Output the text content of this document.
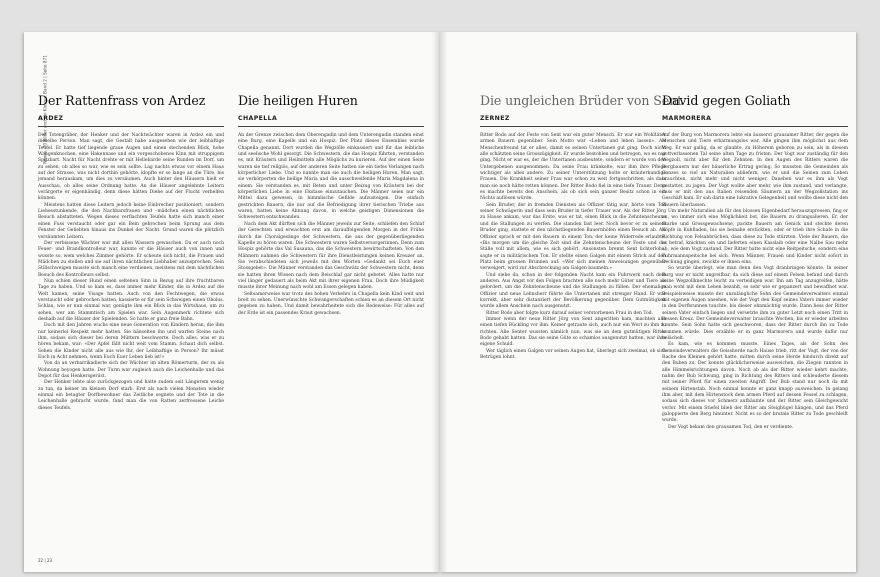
Nexus, 70 Bilder und ein Kloster: Band 2 | Seite 871
Der Rattenfrass von Ardez
ARDEZ

Der Totengräber, der Henker und der Nachtwächter waren in Ardez ein und dieselbe Person. Man sagt, die Gestalt habe ausgesehen wie der leibhaftige Teufel. Er hatte tief liegende graue Augen und einen stechenden Blick, hohe Wangenknochen, eine Hakennase und ein vorgeschobenes Kinn mit struppigem Spitzbart. Nacht für Nacht drehte er mit Hellebarde seine Runden im Dorf, um zu sehen, ob alles so war, wie es sein sollte. Lag nachts etwas vor einem Haus auf der Strasse, was nicht dorthin gehörte, klopfte er so lange an die Türe, bis jemand herauskam, um dies zu versäumen. Auch hinter den Häusern hielt er Ausschau, ob alles seine Ordnung hatte. An die Häuser angelehnte Leitern verärgerte er eigenhändig, denn diese hätten Diebe auf der Flucht verhelfen können.

Meistens hatten diese Leitern jedoch keine Einbrecher positioniert, sondern Liebesstunkende, die den Nachbarsfrauen und –mädchen einen nächtlichen Besuch abstatteten. Wegen dieses verflachten Teufels hatte sich manch einer einen Fuss verstaucht oder gar ein Bein gebrochen beim Sprung aus dem Fenster der Geliebten hinaus ins Dunkel der Nacht. Grund waren die plötzlich versäumten Leitern.

Der verbissene Wächter war mit allen Wassern gewaschen. Da er auch noch Feuer- und Brandkontrolleur war, kannte er die Häuser auch von innen und wusste so, wem welches Zimmer gehörte. Er scheute sich nicht, die Frauen und Mädchen zu stellen und sie auf ihren nächtlichen Liebhaber anzusprechen. Sein Stillschweigen musste sich manch eine verdienen, meistens mit dem nächtlichen Besuch des Kontrolleurs selbst.

Nun schien dieser Hund einen seltenen Sinn in Bezug auf ihre fruchtbaren Tage zu haben. Und so kam es, dass immer mehr Kinder, die in Ardez auf die Welt kamen, seine Visage hatten. Auch von den Fechtwegen, die etwas verstaucht oder gebrochen hatten, kassierte er für sein Schweigen einen Obolus. Schlau, wie er nun einmal war, genügte ihm ein Blick in das Wirtshaus, um zu sehen, wer am Stammtisch am Spielen war. Sein Augenmerk richtete sich deshalb auf die Häuser der Spielenden. So hatte er ganz freie Bahn.

Doch mit den Jahren wuchs eine neue Generation von Kindern heran, die ihm nur keinerlei Respekt mehr hatten. Sie hänselten ihn und warfen Steine nach ihm, sodass sich dieser bei deren Müttern beschwerte. Doch alles, was er zu hören bekam, war: «Der Apfel fällt nicht weit vom Stamm. Schaut dich selbst. Sehen die Kinder nicht alle aus wie Ihr, der Leibhaftige in Person? Ihr müsst Euch in Acht nehmen, wenn Euch Euer Leben lieb ist!»

Von da an verbarrikadierte sich der Wächter im alten Römerturm, der zu als Wohnung beyogen hatte. Der Turm war zugleich auch die Leichenhalle und das Depot für das Henkersgerüst.

Der Henker lebte also zurückgezogen und hatte zudem seit Längerem wenig zu tun, da keiner im kleinen Dorf starb. Erst als nach vielen Monaten wieder einmal ein betagter Dorfbewohner das Zeitliche segnete und der Tote in die Leichenhalle gebracht wurde, fand man die von Ratten zerfressene Leiche dieses Teufels.

Die heiligen Huren
CHAPELLA

An der Grenze zwischen dem Oberengadin und dem Unterengadin standen einst eine Burg, eine Kapelle und ein Hospiz. Der Platz dieses Ensembles wurde Chapella genannt. Dort wurden die Wegzölle einkassiert und für das leibliche und seelische Wohl gesorgt. Die Schwestern, die das Hospiz führten, verstanden es, mit Kräutern und Heilmitteln alle Möglichs zu kurieren. Auf der einen Seite waren sie tief religiös, auf der anderen Seite hatten sie ein tiefes Verlangen nach körperlicher Liebe. Und so nannte man sie auch die heiligen Huren. Man sagt, sie verkörperten die heilige Maria und die ausschweifende Maria Magdalena in einem. Sie verstanden es, mit Beten und unter Beizug von Kräutern bei der körperlichen Liebe in eine Ekstase einzutauchen. Die Männer seien nur ein Mittel dazu gewesen, in himmlische Gefilde aufzusteigen. Die einfach gestrickten Bauern, die nur auf die Befriedigung ihrer tierischen Triebe aus waren, hatten keine Ahnung davon, in welche geistigen Dimensionen die Schwestern entschwanden.

Nach dem Akt dürften sich die Männer jeweils zur Seite, schliefen den Schlaf der Gerechten und erwachten erst am darauffolgenden Morgen in der Frühe durch die Choralgesänge der Schwestern, die aus der gegenüberliegenden Kapelle zu hören waren. Die Schwestern waren Selbstversorgerinnen. Denn zum Hospiz gehörte das Val Susauna, das die Schwestern bewirtschafteten. Von den Männern nahmen die Schwestern für ihre Dienstleistungen keinen Kreuzer an. Sie verabschiedeten sich jeweils mit den Worten «Gedankt sei Euch euer Stossgebet». Die Männer verstanden das Geschwätz der Schwestern nicht, denn sie hatten ihren Wissen nach dem Beischlaf gar nicht gebetet. Alles hatte nur viel länger gedauert als beim Akt mit ihrer eigenen Frau. Doch ihre Müdigkeit musste ihrer Meinung nach wohl am Essen gelegen haben.

Seltsamerweise war trotz des hohen Verkehrs in Chapella kein Kind weit und breit zu sehen. Unerwünschte Schwangerschaften schien es an diesem Ort nicht gegeben zu haben. Und damit bewahrheitete sich die Redeweise: Für alles auf der Erde ist ein passendes Kraut gewachsen.

22 | 23
Die ungleichen Brüder von Sent
ZERNEZ

Ritter Bodo auf der Feste von Sent war ein guter Mensch. Er war ein Wohltäter armen Bauern gegenüber. Sein Motto war «Leben und leben lassen». Als Menschenfreund tat er alles, damit es seinen Untertanen gut ging. Doch nicht alle schätzten seine Grosszügigkeit. Er wurde bestohlen und betrogen, wo es nur ging. Nicht er war es, der die Untertanen ausbeutete, sondern er wurde von den Untergebenen ausgenommen. Da seine Frau kränkelte, war ihm ihre Pflege wichtiger als alles andere. Zu seiner Unterstützung holte er kräuterkundige Frauen. Die Krankheit seiner Frau war schon zu weit fortgeschritten, als dass man sie noch hätte retten können. Der Ritter Bodo fiel in eine tiefe Trauer. Denn es machte bereits den Anschein, als ob sich sein ganzer Besitz schon in ein Nichts auflösen würde.

Sein Bruder, der in fremden Diensten als Offizier tätig war, hörte vom Tod seiner Schwägerin und dass sein Bruder in tiefer Trauer war. Als der Ritter Jörg zu Hause ankam, war das Erste, was er tat, einen Blick in die Zehntenscheune und die Stallungen zu werfen. Die standen fast leer. Noch bevor er zu seinem Bruder ging, stattete er den nächstliegenden Bauernhöfen einen Besuch ab. Als Offizier sprach er mit den Bauern in einem Ton, der keine Widerrede erlaubte. «Bis morgen um die gleiche Zeit sind die Zehntenscheune der Feste und die Ställe voll mit allem, wie es sich gehört. Ansonsten brennt Sent lichterloh», sagte er in militärischem Ton. Er stellte einen Galgen mit einem Strick auf den Platz beim grossen Brunnen auf: «Wer sich meinen Anweisungen gegenüber verweigert, wird zur Abschreckung am Galgen baumeln.»

Und siehe da, schon in der folgenden Nacht kam ein Fuhrwerk nach dem anderen. Aus Angst vor den Folgen brachten alle noch mehr Güter und Tiere als gefordert, um die Zehntenscheune und die Stallungen zu füllen. Der ehemalige Offizier und neue Lehnsherr führte die Untertanen mit strenger Hand. Er war korrekt, aber sehr distanziert der Bevölkerung gegenüber. Dem Gutmütigkeit wurde allem Anschein nach ausgenutzt.

Ritter Bodo aber folgte kurz darauf seiner verstorbenen Frau in den Tod.

Immer wenn der neue Ritter Jörg von Sent angeritten kam, machten alle einen tiefen Bückling vor ihm. Keiner getraute sich, auch nur ein Wort zu ihm zu richten. Alle Senter wussten nämlich nun, was sie an dem gutmütigen Ritter Bodo gehabt hatten. Das sie seine Güte so schamlos ausgenutzt hatten, war ihre eigene Schuld.

Wer täglich einen Galgen vor seinen Augen hat, überlegt sich zweimal, ob sich Betrügen lohnt.

David gegen Goliath
MARMORERA

Auf der Burg von Marmorera lebte ein äusserst grausamer Ritter, der gegen die Menschen und Tiere erbarmungslos war. Alle gingen ihm möglichst aus dem Weg. Er war gallig, da er glaubte, zu Höherem geboren zu sein, als in diesem gottverlassenen Tal seine alten Tage zu fristen. Der Vogt war zuständig für den Wegzoll, nicht aber für den Zehnten. In den Augen des Ritters waren die Bergbauern nur der bäuerliche Ertrag gering. So mussten die Gemeinden als Ganzes so viel an Naturalien abliefern, wie er und die Seinen zum Leben brauchten, nicht mehr und nicht weniger. Daneben war es ihm als Vogt gestattet, zu jagen. Der Vogt wollte aber mehr, wie ihm zustand, und verlangte, dass er mit den aus Italien reisenden Säumern an der Wegzollstation ins Geschäft kam. Er sah darin eine lukrative Gelegenheit und wollte diese nicht den Bauern überlassen.

Um mehr Naturalien als für den blossen Eigenbedarf herauszupressen, fing er an, wo immer sich eine Möglichkeit bot, die Bauern zu drangsalieren. Er, der Starke und Grossgewachsene, packte Bauern am Genick und steckte deren Köpfe in Kuhfladen, bis sie beinahe erstickten, oder er trieb ihre Schafe in die Richtung von Felsabbrüchen, dass diese zu Tode stürzten. Viele der Bauern, die es betraf, knickten ein und lieferten einen Kasslaib oder eine Nalbe Sau mehr ab, wie dem Vogt zustand. Der Ritter hatte nicht eine Reitpeitsche, sondern eine Fuhrmannspeitsche bei sich. Wenn Männer, Frauen und Kinder nicht sofort in Deckung gingen, zwickte er ihnen eins.

So wurde überlegt, wie man denn den Vogt dranbringen könnte. In seiner Burg war er nicht angreifbar, da sich diese auf einem Felsen befand und durch seine Wegzollknechte leicht zu verteidigen war. Ihn am Tag anzugreifen, hätte man wohl mit dem Leben bezahlt, so sehr wie er gepanzert und bewaffnet war. Beispielsweise musste der unzulängliche Sohn des Gemeindeverwalters einmal mit eigenen Augen ansehen, wie der Vogt den Kopf seines Vaters immer wieder in den Dorfbrunnen tauchte, bis dieser ohnmächtig wurde. Dann liess der Ritter seinen Vater einfach liegen und versetzte ihm zu guter Letzt noch einen Tritt in dessen Kreuz. Der Gemeindeverwalter brauchte Wochen, bis er wieder arbeiten konnte. Sein Sohn hatte sich geschworen, dass der Ritter durch ihn zu Tode kommen würde. Dies erzählte er in ganz Marmorera und wurde dafür nur belächelt.

Es kam, wie es kommen musste. Eines Tages, als der Sohn des Gemeindeverwalters die Geissherde nach Hause trieb, ritt der Vogt, der von der Rache des Kleinen gehört hatte, mitten durch seine Herde hindurch direkt auf den Buben zu. Der konnte glücklicherweise ausweichen, die Ziegen rannten in alle Himmelsrichtungen davon. Noch ab als der Ritter wieder kehrt machte, nahm der Bub Schwung, ging in Richtung des Ritters und schleuderte diesem mit seiner Pferd für einen zweiten Angriff. Der Bub stand nur noch da mit seinem Hirtenstab. Noch einmal konnte er ganz knapp ausweichen. In gelang ihm aber, mit dem Hirtenstock dem armen Pferd auf dessen Fessel zu schlagen, sodass sich dieses vor Schmerz aufbäumte und der Ritter sein Gleichgewicht verlor. Mit einem Stiefel blieb der Ritter am Steigbügel hängen, und das Pferd galoppierte den Berg hinunter. Nicht es so der brutale Ritter zu Tode geschleift wurde.

Der Vogt bekam den grausamen Tod, den er verdiente.
